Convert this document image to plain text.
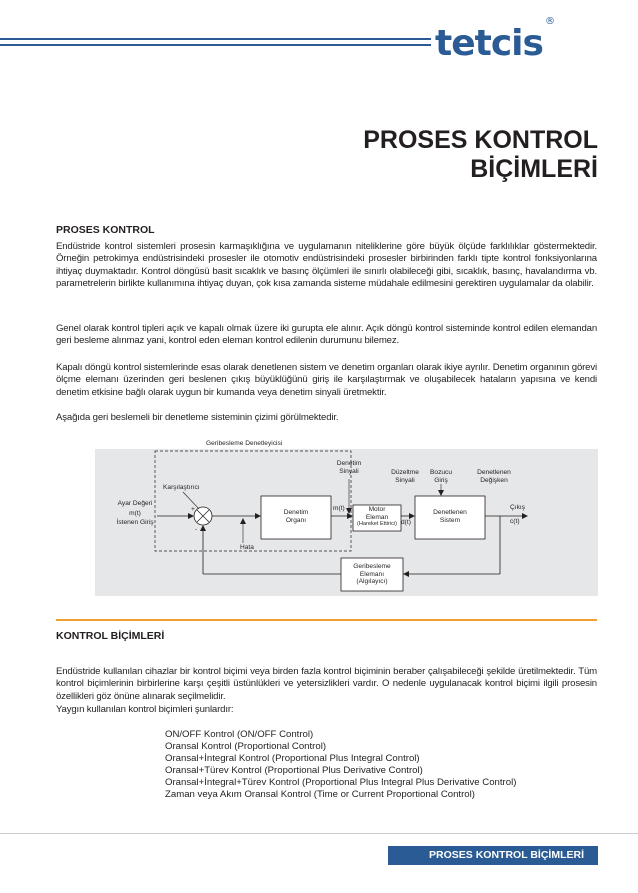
tetcis®
PROSES KONTROL
BİÇİMLERİ
PROSES KONTROL
Endüstride kontrol sistemleri prosesin karmaşıklığına ve uygulamanın niteliklerine göre büyük ölçüde farklılıklar göstermektedir. Örneğin petrokimya endüstrisindeki prosesler ile otomotiv endüstrisindeki prosesler birbirinden farklı tipte kontrol fonksiyonlarına ihtiyaç duymaktadır. Kontrol döngüsü basit sıcaklık ve basınç ölçümleri ile sınırlı olabileceği gibi, sıcaklık, basınç, havalandırma vb. parametrelerin birlikte kullanımına ihtiyaç duyan, çok kısa zamanda sisteme müdahale edilmesini gerektiren uygulamalar da olabilir.
Genel olarak kontrol tipleri açık ve kapalı olmak üzere iki gurupta ele alınır. Açık döngü kontrol sisteminde kontrol edilen elemandan geri besleme alınmaz yani, kontrol eden eleman kontrol edilenin durumunu bilemez.
Kapalı döngü kontrol sistemlerinde esas olarak denetlenen sistem ve denetim organları olarak ikiye ayrılır. Denetim organının görevi ölçme elemanı üzerinden geri beslenen çıkış büyüklüğünü giriş ile karşılaştırmak ve oluşabilecek hataların yapısına ve kendi denetim etkisine bağlı olarak uygun bir kumanda veya denetim sinyali üretmektir.
Aşağıda geri beslemeli bir denetleme sisteminin çizimi görülmektedir.
Geribesleme Denetleyicisi
Karşılaştırıcı
Ayar Değeri
m(t)
İstenen Giriş
+
-
Hata
Denetim
Organı
Denetim
Sinyali
m(t)	Motor
Eleman
(Hareket Ettirici)
Düzeltme
Sinyali
d(t)
Bozucu
Giriş
Denetlenen
Değişken
Denetlenen
Sistem
Çıkış
c(t)
Geribesleme
Elemanı
(Algılayıcı)
KONTROL BİÇİMLERİ
Endüstride kullanılan cihazlar bir kontrol biçimi veya birden fazla kontrol biçiminin beraber çalışabileceği şekilde üretilmektedir. Tüm kontrol biçimlerinin birbirlerine karşı çeşitli üstünlükleri ve yetersizlikleri vardır. O nedenle uygulanacak kontrol biçimi ilgili prosesin özellikleri göz önüne alınarak seçilmelidir.
Yaygın kullanılan kontrol biçimleri şunlardır:
ON/OFF Kontrol (ON/OFF Control)
Oransal Kontrol (Proportional Control)
Oransal+İntegral Kontrol (Proportional Plus Integral Control)
Oransal+Türev Kontrol (Proportional Plus Derivative Control)
Oransal+İntegral+Türev Kontrol (Proportional Plus Integral Plus Derivative Control)
Zaman veya Akım Oransal Kontrol (Time or Current Proportional Control)
PROSES KONTROL BİÇİMLERİ
